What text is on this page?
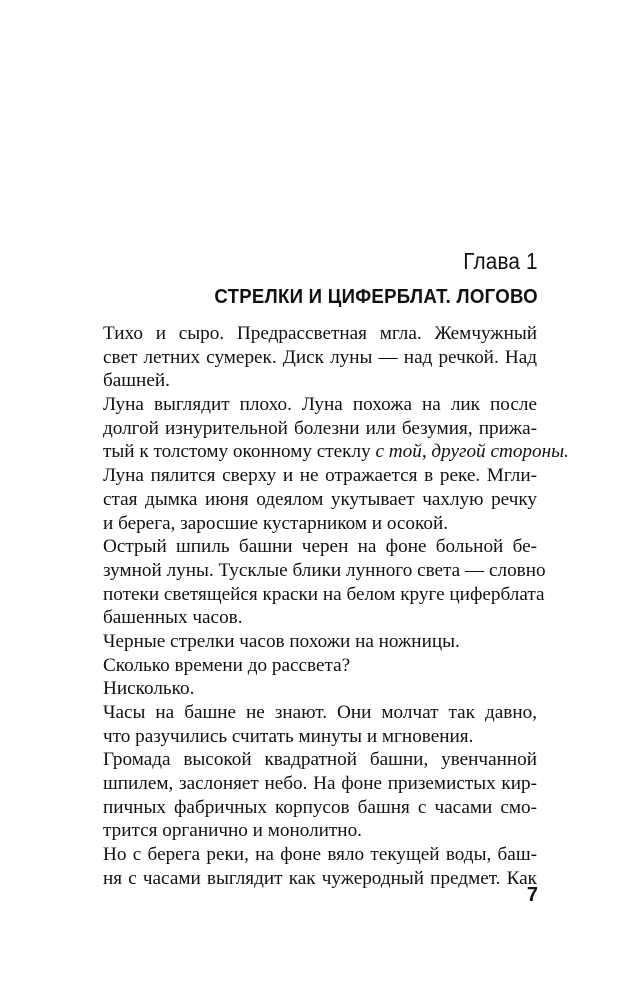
Глава 1
СТРЕЛКИ И ЦИФЕРБЛАТ. ЛОГОВО
Тихо и сыро. Предрассветная мгла. Жемчужный
свет летних сумерек. Диск луны — над речкой. Над
башней.
Луна выглядит плохо. Луна похожа на лик после
долгой изнурительной болезни или безумия, прижа-
тый к толстому оконному стеклу с той, другой стороны.
Луна пялится сверху и не отражается в реке. Мгли-
стая дымка июня одеялом укутывает чахлую речку
и берега, заросшие кустарником и осокой.
Острый шпиль башни черен на фоне больной бе-
зумной луны. Тусклые блики лунного света — словно
потеки светящейся краски на белом круге циферблата
башенных часов.
Черные стрелки часов похожи на ножницы.
Сколько времени до рассвета?
Нисколько.
Часы на башне не знают. Они молчат так давно,
что разучились считать минуты и мгновения.
Громада высокой квадратной башни, увенчанной
шпилем, заслоняет небо. На фоне приземистых кир-
пичных фабричных корпусов башня с часами смо-
трится органично и монолитно.
Но с берега реки, на фоне вяло текущей воды, баш-
ня с часами выглядит как чужеродный предмет. Как
7
